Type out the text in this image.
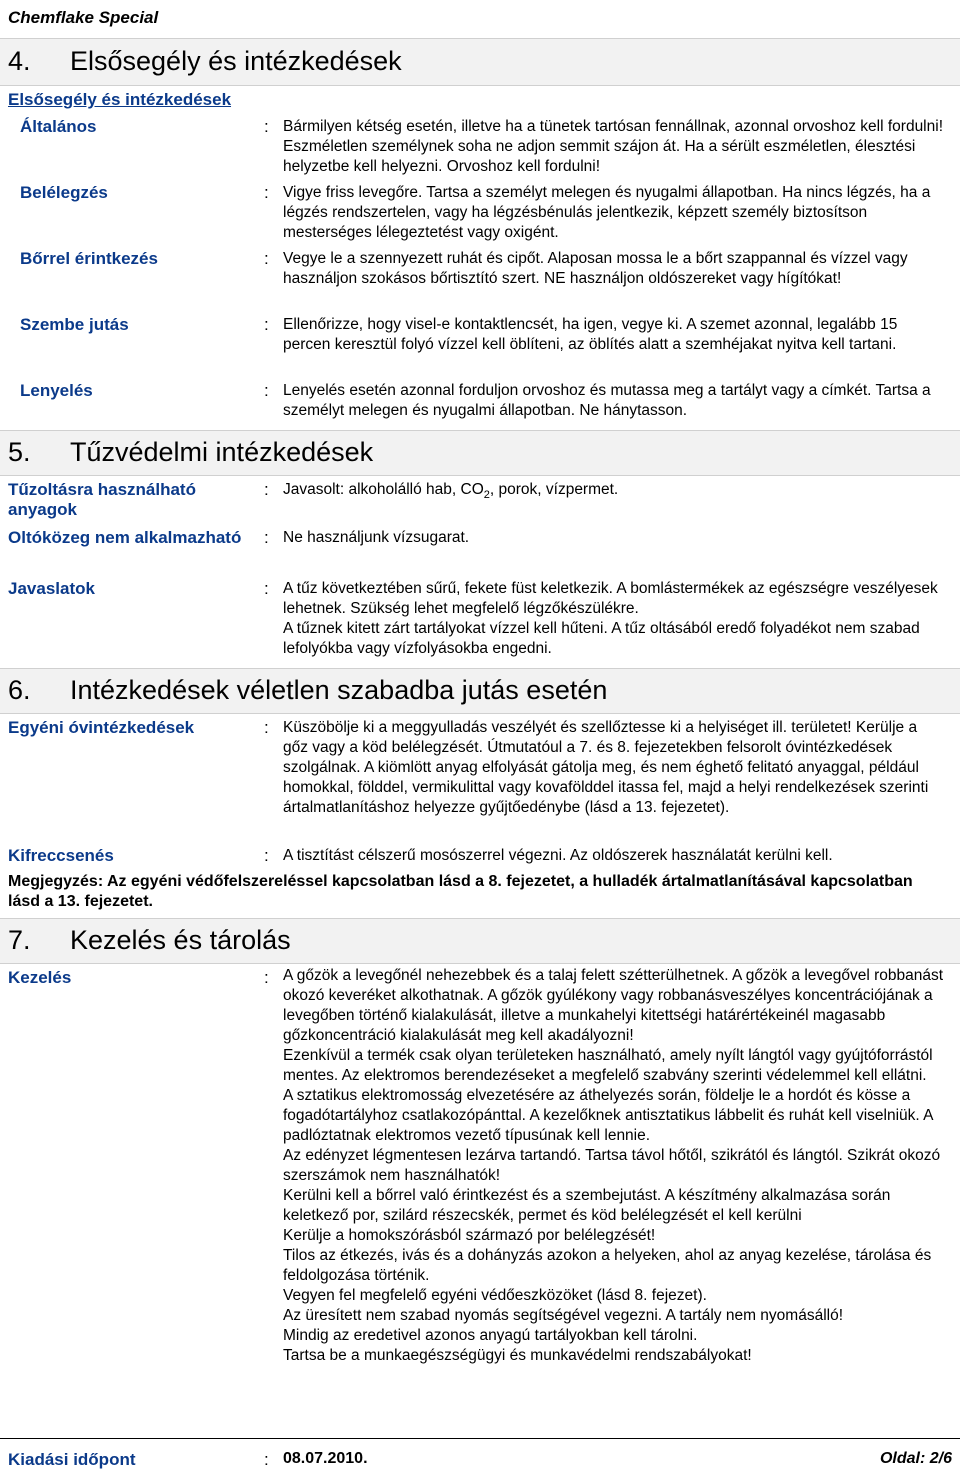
Chemflake Special
4. Elsősegély és intézkedések
Elsősegély és intézkedések
Általános	: Bármilyen kétség esetén, illetve ha a tünetek tartósan fennállnak, azonnal orvoshoz kell fordulni! Eszméletlen személynek soha ne adjon semmit szájon át. Ha a sérült eszméletlen, élesztési helyzetbe kell helyezni. Orvoshoz kell fordulni!
Belélegzés	: Vigye friss levegőre. Tartsa a személyt melegen és nyugalmi állapotban. Ha nincs légzés, ha a légzés rendszertelen, vagy ha légzésbénulás jelentkezik, képzett személy biztosítson mesterséges lélegeztetést vagy oxigént.
Bőrrel érintkezés	: Vegye le a szennyezett ruhát és cipőt. Alaposan mossa le a bőrt szappannal és vízzel vagy használjon szokásos bőrtisztító szert. NE használjon oldószereket vagy hígítókat!
Szembe jutás	: Ellenőrizze, hogy visel-e kontaktlencsét, ha igen, vegye ki. A szemet azonnal, legalább 15 percen keresztül folyó vízzel kell öblíteni, az öblítés alatt a szemhéjakat nyitva kell tartani.
Lenyelés	: Lenyelés esetén azonnal forduljon orvoshoz és mutassa meg a tartályt vagy a címkét. Tartsa a személyt melegen és nyugalmi állapotban. Ne hánytasson.
5. Tűzvédelmi intézkedések
Tűzoltásra használható anyagok
: Javasolt: alkoholálló hab, $CO_2$, porok, vízpermet.
Oltóközeg nem alkalmazható	: Ne használjunk vízsugarat.
Javaslatok	: A tűz következtében sűrű, fekete füst keletkezik. A bomlástermékek az egészségre veszélyesek lehetnek. Szükség lehet megfelelő légzőkészülékre.
A tűznek kitett zárt tartályokat vízzel kell hűteni. A tűz oltásából eredő folyadékot nem szabad lefolyókba vagy vízfolyásokba engedni.
6. Intézkedések véletlen szabadba jutás esetén
Egyéni óvintézkedések	: Küszöbölje ki a meggyulladás veszélyét és szellőztesse ki a helyiséget ill. területet! Kerülje a gőz vagy a köd belélegzését. Útmutatóul a 7. és 8. fejezetekben felsorolt óvintézkedések szolgálnak. A kiömlött anyag elfolyását gátolja meg, és nem éghető felitató anyaggal, például homokkal, földdel, vermikulittal vagy kovafölddel itassa fel, majd a helyi rendelkezések szerinti ártalmatlanításhoz helyezze gyűjtőedénybe (lásd a 13. fejezetet).
Kifreccsenés	: A tisztítást célszerű mosószerrel végezni. Az oldószerek használatát kerülni kell.
Megjegyzés: Az egyéni védőfelszereléssel kapcsolatban lásd a 8. fejezetet, a hulladék ártalmatlanításával kapcsolatban lásd a 13. fejezetet.
7. Kezelés és tárolás
Kezelés	: A gőzök a levegőnél nehezebbek és a talaj felett szétterülhetnek. A gőzök a levegővel robbanást okozó keveréket alkothatnak. A gőzök gyúlékony vagy robbanásveszélyes koncentrációjának a levegőben történő kialakulását, illetve a munkahelyi kitettségi határértékeinél magasabb gőzkoncentráció kialakulását meg kell akadályozni!
Ezenkívül a termék csak olyan területeken használható, amely nyílt lángtól vagy gyújtóforrástól mentes. Az elektromos berendezéseket a megfelelő szabvány szerinti védelemmel kell ellátni.
A sztatikus elektromosság elvezetésére az áthelyezés során, földelje le a hordót és kösse a fogadótartályhoz csatlakozópánttal. A kezelőknek antisztatikus lábbelit és ruhát kell viselniük. A padlóztatnak elektromos vezető típusúnak kell lennie.
Az edényzet légmentesen lezárva tartandó. Tartsa távol hőtől, szikrától és lángtól. Szikrát okozó szerszámok nem használhatók!
Kerülni kell a bőrrel való érintkezést és a szembejutást. A készítmény alkalmazása során keletkező por, szilárd részecskék, permet és köd belélegzését el kell kerülni
Kerülje a homokszórásból származó por belélegzését!
Tilos az étkezés, ivás és a dohányzás azokon a helyeken, ahol az anyag kezelése, tárolása és feldolgozása történik.
Vegyen fel megfelelő egyéni védőeszközöket (lásd 8. fejezet).
Az üresített nem szabad nyomás segítségével vegezni. A tartály nem nyomásálló!
Mindig az eredetivel azonos anyagú tartályokban kell tárolni.
Tartsa be a munkaegészségügyi és munkavédelmi rendszabályokat!
Kiadási időpont	: 08.07.2010.	Oldal: 2/6
